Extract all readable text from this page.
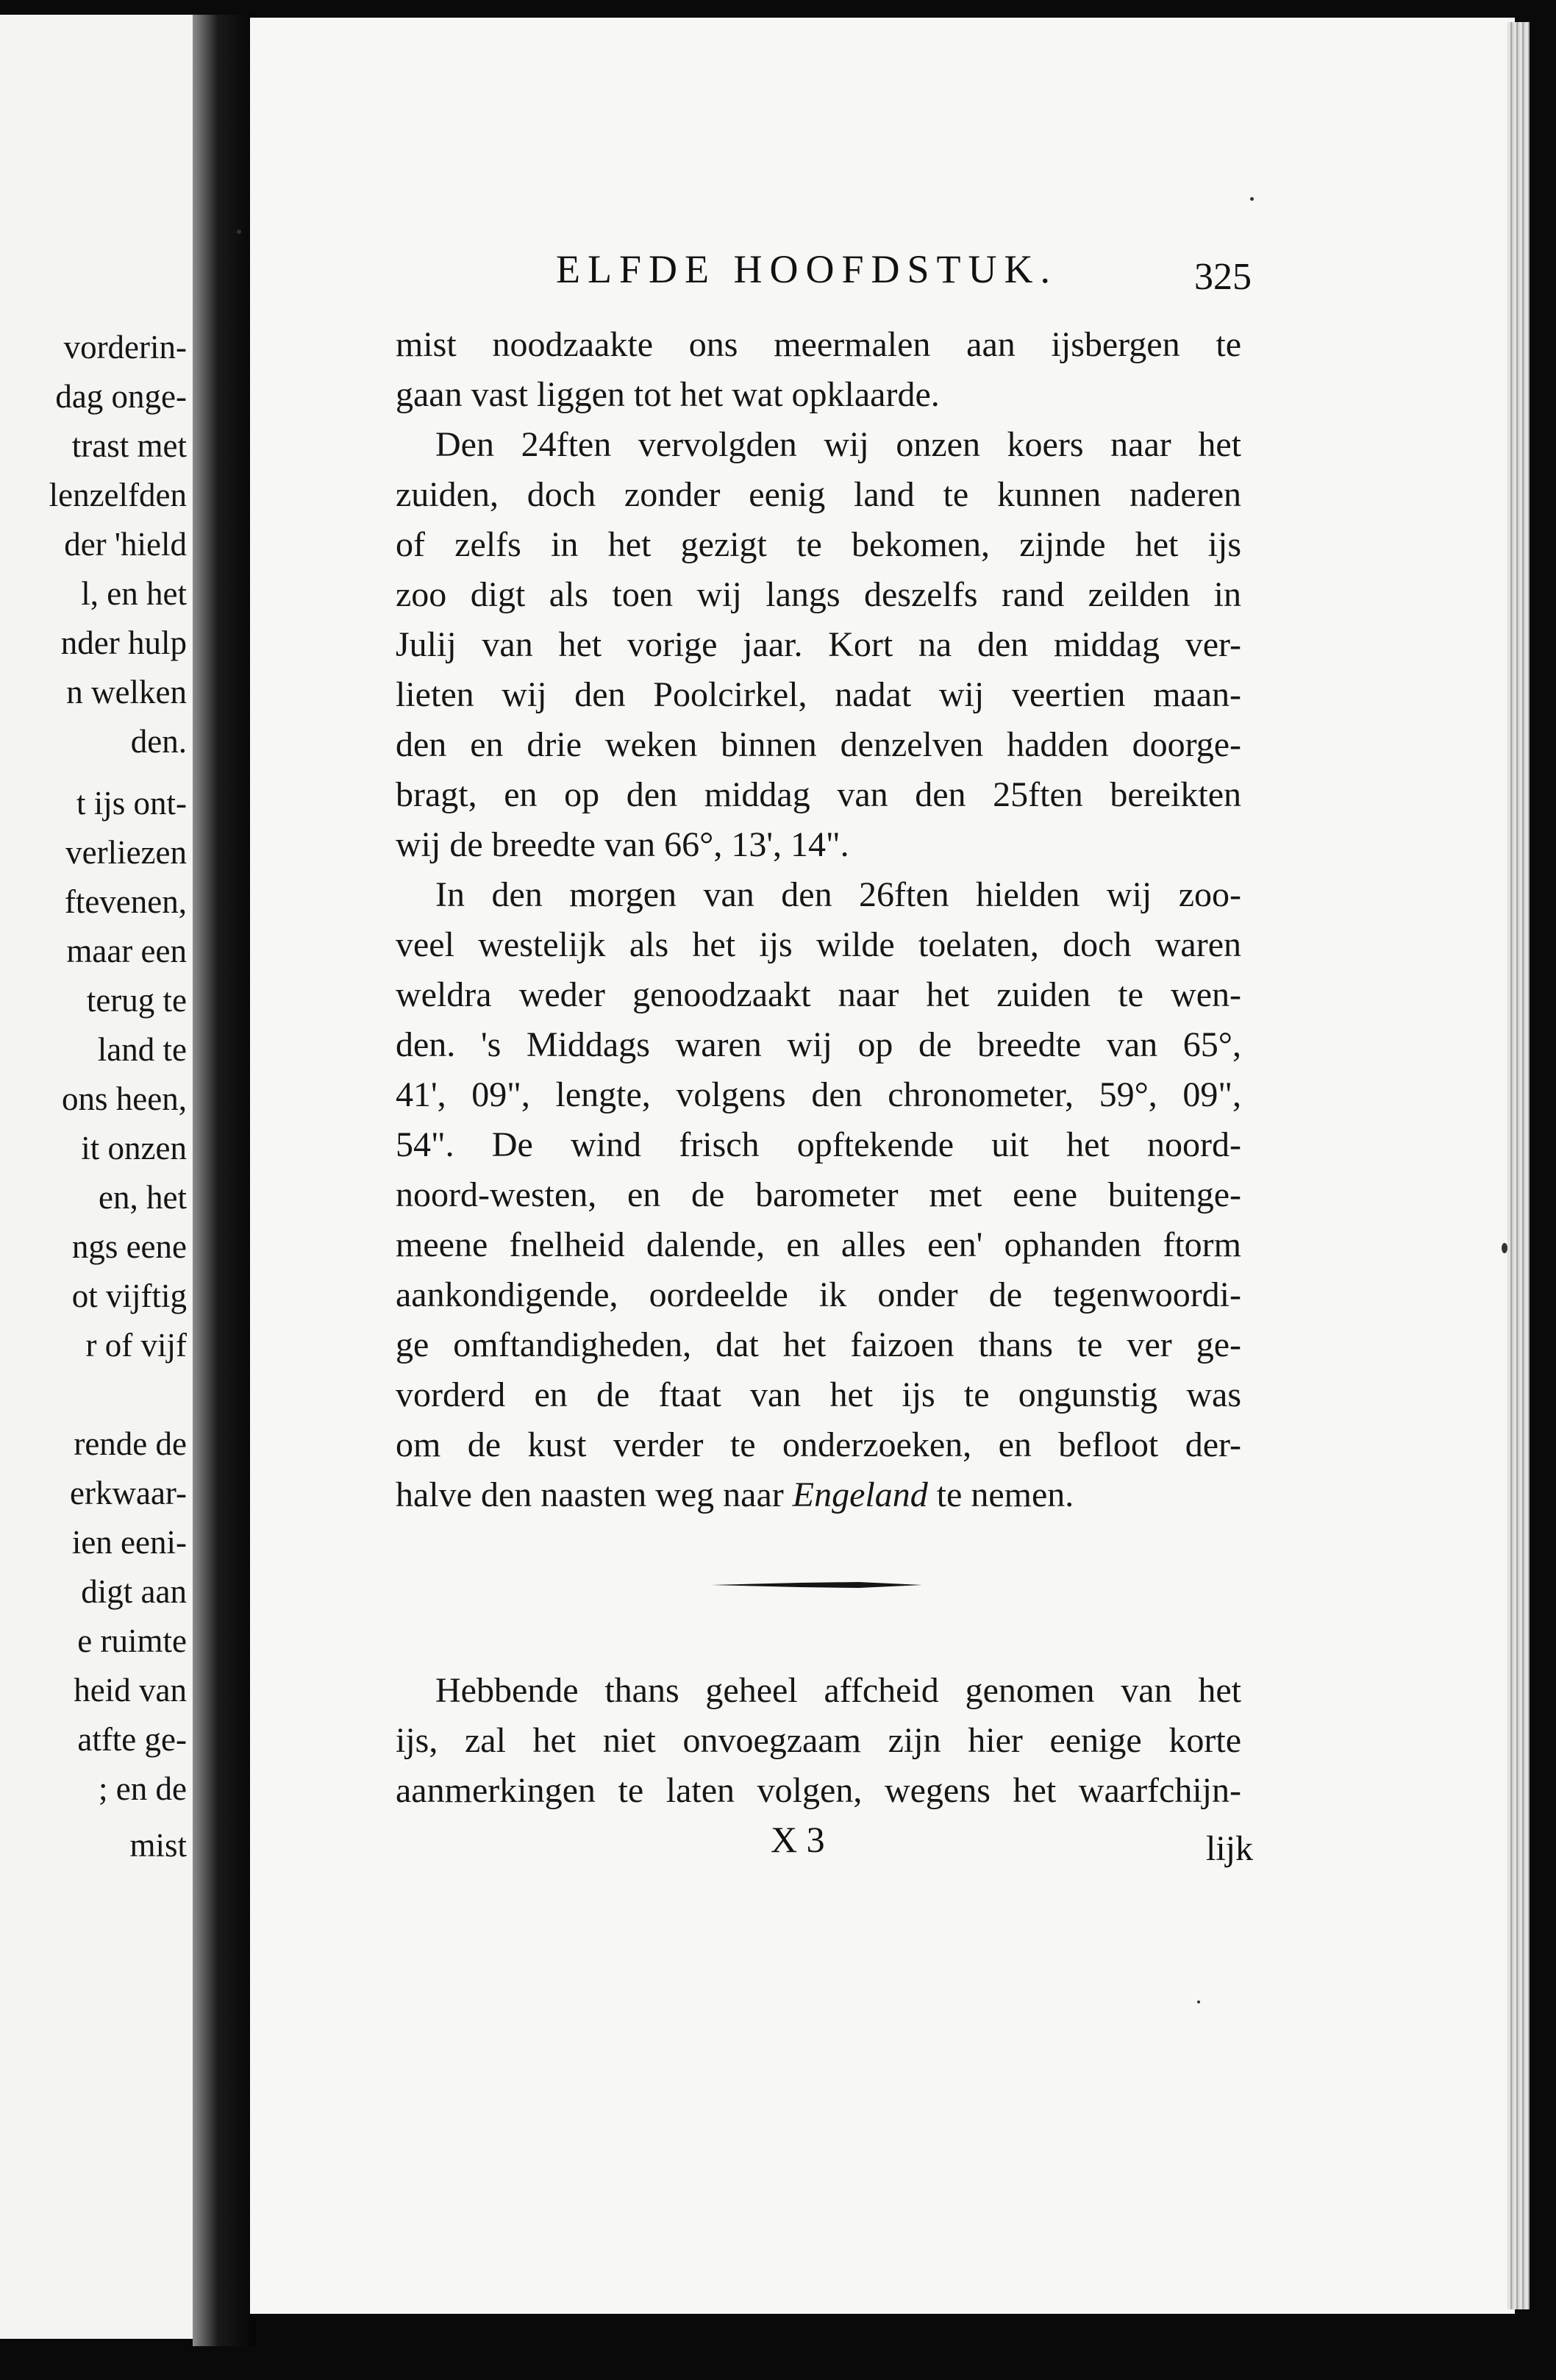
vorderin-
dag onge-
trast met
lenzelfden
der 'hield
l, en het
nder hulp
n welken
den.
t ijs ont-
verliezen
ftevenen,
maar een
terug te
land te
ons heen,
it onzen
en, het
ngs eene
ot vijftig
r of vijf
rende de
erkwaar-
ien eeni-
digt aan
e ruimte
heid van
atfte ge-
; en de
mist
ELFDE HOOFDSTUK.	325
mist noodzaakte ons meermalen aan ijsbergen te
gaan vast liggen tot het wat opklaarde.
Den 24ften vervolgden wij onzen koers naar het
zuiden, doch zonder eenig land te kunnen naderen
of zelfs in het gezigt te bekomen, zijnde het ijs
zoo digt als toen wij langs deszelfs rand zeilden in
Julij van het vorige jaar. Kort na den middag ver-
lieten wij den Poolcirkel, nadat wij veertien maan-
den en drie weken binnen denzelven hadden doorge-
bragt, en op den middag van den 25ften bereikten
wij de breedte van 66°, 13', 14".
In den morgen van den 26ften hielden wij zoo-
veel westelijk als het ijs wilde toelaten, doch waren
weldra weder genoodzaakt naar het zuiden te wen-
den. 's Middags waren wij op de breedte van 65°,
41', 09", lengte, volgens den chronometer, 59°, 09",
54". De wind frisch opftekende uit het noord-
noord-westen, en de barometer met eene buitenge-
meene fnelheid dalende, en alles een' ophanden ftorm
aankondigende, oordeelde ik onder de tegenwoordi-
ge omftandigheden, dat het faizoen thans te ver ge-
vorderd en de ftaat van het ijs te ongunstig was
om de kust verder te onderzoeken, en befloot der-
halve den naasten weg naar Engeland te nemen.
Hebbende thans geheel affcheid genomen van het
ijs, zal het niet onvoegzaam zijn hier eenige korte
aanmerkingen te laten volgen, wegens het waarfchijn-
X 3	lijk
